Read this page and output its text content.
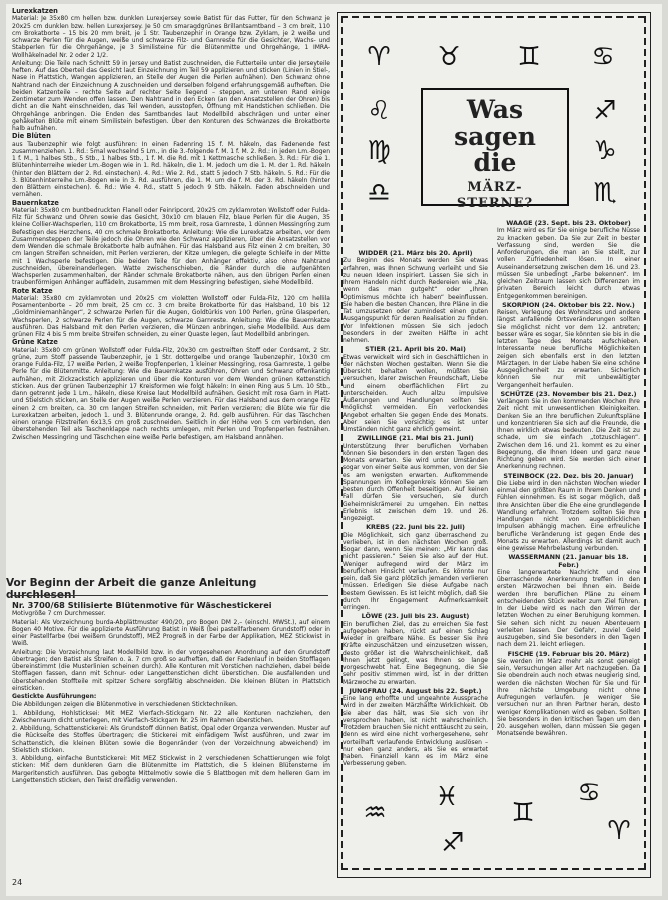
Lurexkatzen

Material: Je 35x80 cm hellen bzw. dunklen Lurexjersey sowie Batist für das Futter, für den Schwanz je 20x25 cm dunklen bzw. hellen Lurexjersey. Je 50 cm smaragdgrünes Brillantsamtband – 3 cm breit, 110 cm Brokatborte – 15 bis 20 mm breit, je 1 Str. Taubenzephir in Orange bzw. Zyklam, je 2 weiße und schwarze Perlen für die Augen, weiße und schwarze Filz- und Garnreste für die Gesichter, Wachs- und Stabperlen für die Ohrgehänge, je 3 Similisteine für die Blütenmitte und Ohrgehänge, 1 IMRA-Wollhäkelnadel Nr. 2 oder 2 1/2.

Anleitung: Die Teile nach Schnitt 59 in Jersey und Batist zuschneiden, die Futterteile unter die Jerseyteile heften. Auf das Oberteil das Gesicht laut Einzeichnung im Teil 59 applizieren und sticken (Linien in Stiel-, Nase in Plattstich, Wangen applizieren, an Stelle der Augen die Perlen aufnähen). Den Schwanz ohne Nahtrand nach der Einzeichnung A zuschneiden und derselben folgend erfahrungsgemäß aufheften. Die beiden Katzenteile – rechte Seite auf rechter Seite liegend – steppen, am unteren Rand einige Zentimeter zum Wenden offen lassen. Den Nahtrand in den Ecken (an den Ansatzstellen der Ohren) bis dicht an die Naht einschneiden, das Teil wenden, ausstopfen, Öffnung mit Handstichen schließen. Die Ohrgehänge anbringen. Die Enden des Samtbandes laut Modellbild abschrägen und unter einer gehäkelten Blüte mit einem Similistein befestigen. Über den Konturen des Schwanzes die Brokatborte halb aufnähen.

Die Blüten

aus Taubenzephir wie folgt ausführen: In einen Fadenring 15 f. M. häkeln, das Fadenende fest zusammenziehen. 1. Rd.: 5mal wechselnd 5 Lm., in die 3.-folgende f. M. 1 f. M. 2. Rd.: in jeden Lm.-Bogen 1 f. M., 1 halbes Stb., 5 Stb., 1 halbes Stb., 1 f. M. die Rd. mit 1 Kettmasche schließen. 3. Rd.: Für die 1. Blütenhinterreihe wieder Lm.-Bogen wie in 1. Rd. häkeln, die 1. M. jedoch um die 1. M. der 1. Rd. häkeln (hinter den Blättern der 2. Rd. einstechen). 4. Rd.: Wie 2. Rd., statt 5 jedoch 7 Stb. häkeln. 5. Rd.: Für die 3. Blütenhinterreihe Lm.-Bogen wie in 3. Rd. ausführen, die 1. M. um die f. M. der 3. Rd. häkeln (hinter den Blättern einstechen). 6. Rd.: Wie 4. Rd., statt 5 jedoch 9 Stb. häkeln. Faden abschneiden und vernähen.

Bauernkatze

Material: 35x80 cm buntbedruckten Flanell oder Feinripcord, 20x25 cm zyklamroten Wollstoff oder Fulda-Filz für Schwanz und Ohren sowie das Gesicht, 30x10 cm blauen Filz, blaue Perlen für die Augen, 35 kleine Collier-Wachsperlen, 110 cm Brokatborte, 15 mm breit, rosa Garnreste, 1 dünnen Messingring zum Befestigen des Herzchens, 40 cm schmale Brokatborte. Anleitung: Wie die Lurexkatze arbeiten, vor dem Zusammensteppen der Teile jedoch die Ohren wie den Schwanz applizieren, über die Ansatzstellen vor dem Wenden die schmale Brokatborte halb aufnähen. Für das Halsband aus Filz einen 2 cm breiten, 30 cm langen Streifen schneiden, mit Perlen verzieren, der Kitze umlegen, die gelegte Schleife in der Mitte mit 1 Wachsperle befestigen. Die beiden Teile für den Anhänger effektiv, also ohne Nahtrand zuschneiden, übereinanderlegen. Watte zwischenschieben, die Ränder durch die aufgenähten Wachsperlen zusammenhalten, der Ränder schmale Brokatborte nähen, aus den übrigen Perlen einen traubenförmigen Anhänger auffädeln, zusammen mit dem Messingring befestigen, siehe Modellbild.

Rote Katze

Material: 35x80 cm zyklamroten und 20x25 cm violetten Wollstoff oder Fulda-Filz, 120 cm hellila Posamentenborte – 20 mm breit, 25 cm cc. 3 cm breite Brokatborte für das Halsband, 10 bis 12 „Goldminiemanhänger“, 2 schwarze Perlen für die Augen, Goldtürkis von 100 Perlen, grüne Glasperlen, Wachsperlen, 2 schwarze Perlen für die Augen, schwarze Garnreste. Anleitung: Wie die Bauernkatze ausführen. Das Halsband mit den Perlen verzieren, die Münzen anbringen, siehe Modellbild. Aus dem grünen Filz 4 bis 5 mm breite Streifen schneiden, zu einer Quaste legen, laut Modellbild anbringen.

Grüne Katze

Material: 35x80 cm grünen Wollstoff oder Fulda-Filz, 20x30 cm gestreiften Stoff oder Cordsamt, 2 Str. grüne, zum Stoff passende Taubenzephir, je 1 Str. dottergelbe und orange Taubenzephir, 10x30 cm orange Fulda-Filz, 17 weiße Perlen, 2 weiße Tropfenperlen, 1 kleiner Messingring, rosa Garnreste, 1 gelbe Perle für die Blütenmitte. Anleitung: Wie die Bauernkatze ausführen, Ohren und Schwanz offenkantig aufnähen, mit Zickzackstich applizieren und über die Konturen vor dem Wenden grünen Kettenstich sticken. Aus der grünen Taubenzephir 17 Kreisformen wie folgt häkeln: In einen Ring aus 5 Lm. 10 Stb., dann getrennt jede 1 Lm., häkeln, diese Kreise laut Modellbild aufnähen. Gesicht mit rosa Garn in Platt- und Stielstich sticken, an Stelle der Augen weiße Perlen verzieren. Für das Halsband aus dem orange Filz einen 2 cm breiten, ca. 30 cm langen Streifen schneiden, mit Perlen verzieren; die Blüte wie für die Lurexkatzen arbeiten, jedoch 1. und 3. Blütenrunde orange, 2. Rd. gelb ausführen. Für das Täschchen einen orange Filzstreifen 6x13,5 cm groß zuschneiden. Seitlich in der Höhe von 5 cm verbinden, den überstehenden Teil als Taschenklappe nach rechts umlegen, mit Perlen und Tropfenperlen festnähen. Zwischen Messingring und Täschchen eine weiße Perle befestigen, am Halsband annähen.

Vor Beginn der Arbeit die ganze Anleitung durchlesen!
Nr. 3700/68 Stilisierte Blütenmotive für Wäschestickerei

Motivgröße 7 cm Durchmesser.

Material: Als Vorzeichnung burda-Abplättmuster 490/20, pro Bogen DM 2,– (einschl. MWSt.), auf einem Bogen 40 Motive. Für die applizierte Ausführung Batist in Weiß (bei pastellfarbenem Grundstoff) oder in einer Pastellfarbe (bei weißem Grundstoff), MEZ Progreß in der Farbe der Applikation, MEZ Stickwist in Weiß.

Anleitung: Die Vorzeichnung laut Modellbild bzw. in der vorgesehenen Anordnung auf den Grundstoff übertragen; den Batist als Streifen o. ä. 7 cm groß so aufheften, daß der Fadenlauf in beiden Stofflagen übereinstimmt (die Musterlinien scheinen durch). Alle Konturen mit Vorstichen nachziehen, dabei beide Stofflagen fassen, dann mit Schnur- oder Langettenstichen dicht überstichen. Die ausfallenden und überstehenden Stoffteile mit spitzer Schere sorgfältig abschneiden. Die kleinen Blüten in Plattstich einsticken.

Gestickte Ausführungen:

Die Abbildungen zeigen die Blütenmotive in verschiedenen Sticktechniken.

1. Abbildung, Hohlsticksei: Mit MEZ Vierfach-Stickgarn Nr. 22 alle Konturen nachziehen, den Zwischenraum dicht unterlegen, mit Vierfach-Stickgarn Nr. 25 im Rahmen überstichen.

2. Abbildung, Schattenstickerei: Als Grundstoff dünnen Batist, Opal oder Organza verwenden. Muster auf die Rückseite des Stoffes übertragen; die Stickerei mit einfädigem Twist ausführen, und zwar im Schattenstich, die kleinen Blüten sowie die Bogenränder (von der Vorzeichnung abweichend) im Stielstich sticken.

3. Abbildung, einfache Buntstickerei: Mit MEZ Stickwist in 2 verschiedenen Schattierungen wie folgt sticken: Mit dem dunkleren Garn die Blütenmitte im Plattstich, die 5 kleinen Blütensterne im Margeritenstich ausführen. Das gebogte Mittelmotiv sowie die 5 Blattbogen mit dem helleren Garn im Langettenstich sticken, den Twist dreifädig verwenden.

24
♈	♉	♊	♋
♌
♍
♎
♐
♑
♏
Was sagen
die
MÄRZ-
STERNE?
WIDDER (21. März bis 20. April)

Zu Beginn des Monats werden Sie etwas erfahren, was Ihnen Schwung verleiht und Sie zu neuen Ideen inspiriert. Lassen Sie sich in Ihrem Handeln nicht durch Redereien wie „Na, wenn das man gutgeht“ oder „Ihren Optimismus möchte ich haben“ beeinflussen. Sie haben die besten Chancen, Ihre Pläne in die Tat umzusetzen oder zumindest einen guten Ausgangspunkt für deren Realisation zu finden. Vor Infektionen müssen Sie sich jedoch besonders in der zweiten Hälfte in acht nehmen.

STIER (21. April bis 20. Mai)

Etwas verwickelt wird sich in Geschäftlichen in der nächsten Wochen gestalten. Wenn Sie die Übersicht behalten wollen, müßten Sie versuchen, klarer zwischen Freundschaft, Liebe und einem oberflächlichen Flirt zu unterscheiden. Auch allzu impulsive Äußerungen und Handlungen sollten Sie möglichst vermeiden. Ein verlockendes Angebot erhalten Sie gegen Ende des Monats. Aber seien Sie vorsichtig: es ist unter Umständen nicht ganz ehrlich gemeint.

ZWILLINGE (21. Mai bis 21. Juni)

Unterstützung Ihrer beruflichen Vorhaben können Sie besonders in den ersten Tagen des Monats erwarten. Sie wird unter Umständen sogar von einer Seite aus kommen, von der Sie es am wenigsten erwarten. Aufkommende Spannungen im Kollegenkreis können Sie am besten durch Offenheit beseitigen. Auf keinen Fall dürfen Sie versuchen, sie durch Geheimniskrämerei zu umgehen. Ein nettes Erlebnis ist zwischen dem 19. und 26. angezeigt.

KREBS (22. Juni bis 22. Juli)

Die Möglichkeit, sich ganz überraschend zu verlieben, ist in den nächsten Wochen groß. Sogar dann, wenn Sie meinen: „Mir kann das nicht passieren.“ Seien Sie also auf der Hut. Weniger aufregend wird der März im beruflichen Hinsicht verlaufen. Es könnte nur sein, daß Sie ganz plötzlich jemanden verlieren müssen. Erledigen Sie diese Aufgabe nach bestem Gewissen. Es ist leicht möglich, daß Sie durch Ihr Engagement Aufmerksamkeit erringen.

LÖWE (23. Juli bis 23. August)

Ein beruflichen Ziel, das zu erreichen Sie fest aufgegeben haben, rückt auf einen Schlag wieder in greifbare Nähe. Es besser Sie ihre Kräfte einzuschätzen und einzusetzen wissen, desto größer ist die Wahrscheinlichkeit, daß Ihnen jetzt gelingt, was Ihnen so lange vorgeschwebt hat. Eine Begegnung, die Sie sehr positiv stimmen wird, ist in der dritten Märzwoche zu erwarten.

JUNGFRAU (24. August bis 22. Sept.)

Eine lang erhoffte und ungeahnte Aussprache wird in der zweiten Märzhälfte Wirklichkeit. Ob sie aber das hält, was Sie sich von ihr versprochen haben, ist nicht wahrscheinlich. Trotzdem brauchen Sie nicht enttäuscht zu sein, denn es wird eine nicht vorhergesehene, sehr vorteilhaft verlaufende Entwicklung auslösen – nur eben ganz anders, als Sie es erwartet haben. Finanziell kann es im März eine Verbesserung geben.

WAAGE (23. Sept. bis 23. Oktober)

Im März wird es für Sie einige berufliche Nüsse zu knacken geben. Da Sie zur Zeit in bester Verfassung sind, werden Sie die Anforderungen, die man an Sie stellt, zur vollen Zufriedenheit lösen. In einer Auseinandersetzung zwischen dem 16. und 23. müssen Sie unbedingt „Farbe bekennen“. Im gleichen Zeitraum lassen sich Differenzen im privaten Bereich leicht durch etwas Entgegenkommen bereinigen.

SKORPION (24. Oktober bis 22. Nov.)

Reisen, Verlegung des Wohnsitzes und andere längst anfallende Ortsveränderungen sollten Sie möglichst nicht vor dem 12. antreten; besser wäre es sogar, Sie könnten sie bis in die letzten Tage des Monats aufschieben. Interessante neue berufliche Möglichkeiten zeigen sich ebenfalls erst in den letzten Märztagen. In der Liebe haben Sie eine schöne Ausgeglichenheit zu erwarten. Sicherlich können Sie nur mit unbewältigter Vergangenheit herfaulen.

SCHÜTZE (23. November bis 21. Dez.)

Verlängern Sie in den kommenden Wochen Ihre Zeit nicht mit unwesentlichen Kleinigkeiten. Denken Sie an Ihre beruflichen Zukunftspläne und konzentrieren Sie sich auf die Freunde, die Ihnen wirklich etwas bedeuten. Die Zeit ist zu schade, um sie einfach „totzuschlagen“. Zwischen dem 16. und 21. kommt es zu einer Begegnung, die Ihnen Ideen und ganz neue Richtung geben wird. Sie werden sich einer Anerkennung rechnen.

STEINBOCK (22. Dez. bis 20. Januar)

Die Liebe wird in den nächsten Wochen wieder einmal den größten Raum in Ihrem Denken und Fühlen einnehmen. Es ist sogar möglich, daß Ihre Ansichten über die Ehe eine grundlegende Wandlung erfahren. Trotzdem sollten Sie Ihre Handlungen nicht von augenblicklichen Impulsen abhängig machen. Eine erfreuliche berufliche Veränderung ist gegen Ende des Monats zu erwarten. Allerdings ist damit auch eine gewisse Mehrbelastung verbunden.

WASSERMANN (21. Januar bis 18. Febr.)

Eine langerwartete Nachricht und eine überraschende Anerkennung treffen in den ersten Märzwochen bei Ihnen ein. Beide werden Ihre beruflichen Pläne zu einem entscheidenden Stück weiter zum Ziel führen. In der Liebe wird es nach den Wirren der letzten Wochen zu einer Beruhigung kommen. Sie sehen sich nicht zu neuen Abenteuern verleiten lassen. Der Gefahr, zuviel Geld auszugeben, sind Sie besonders in den Tagen nach dem 21. leicht erliegen.

FISCHE (19. Februar bis 20. März)

Sie werden im März mehr als sonst geneigt sein, Versuchungen aller Art nachzugeben. Da Sie obendrein auch noch etwas neugierig sind, werden die nächsten Wochen für Sie und für Ihre nächste Umgebung nicht ohne Aufregungen verlaufen. Je weniger Sie versuchen nur an Ihren Partner heran, desto weniger Komplikationen wird es geben. Sollten Sie besonders in den kritischen Tagen um den 20. ausgehen wollen, dann müssen Sie gegen Monatsende bewähren.

♒
♓
♊
♋
♈
♐
